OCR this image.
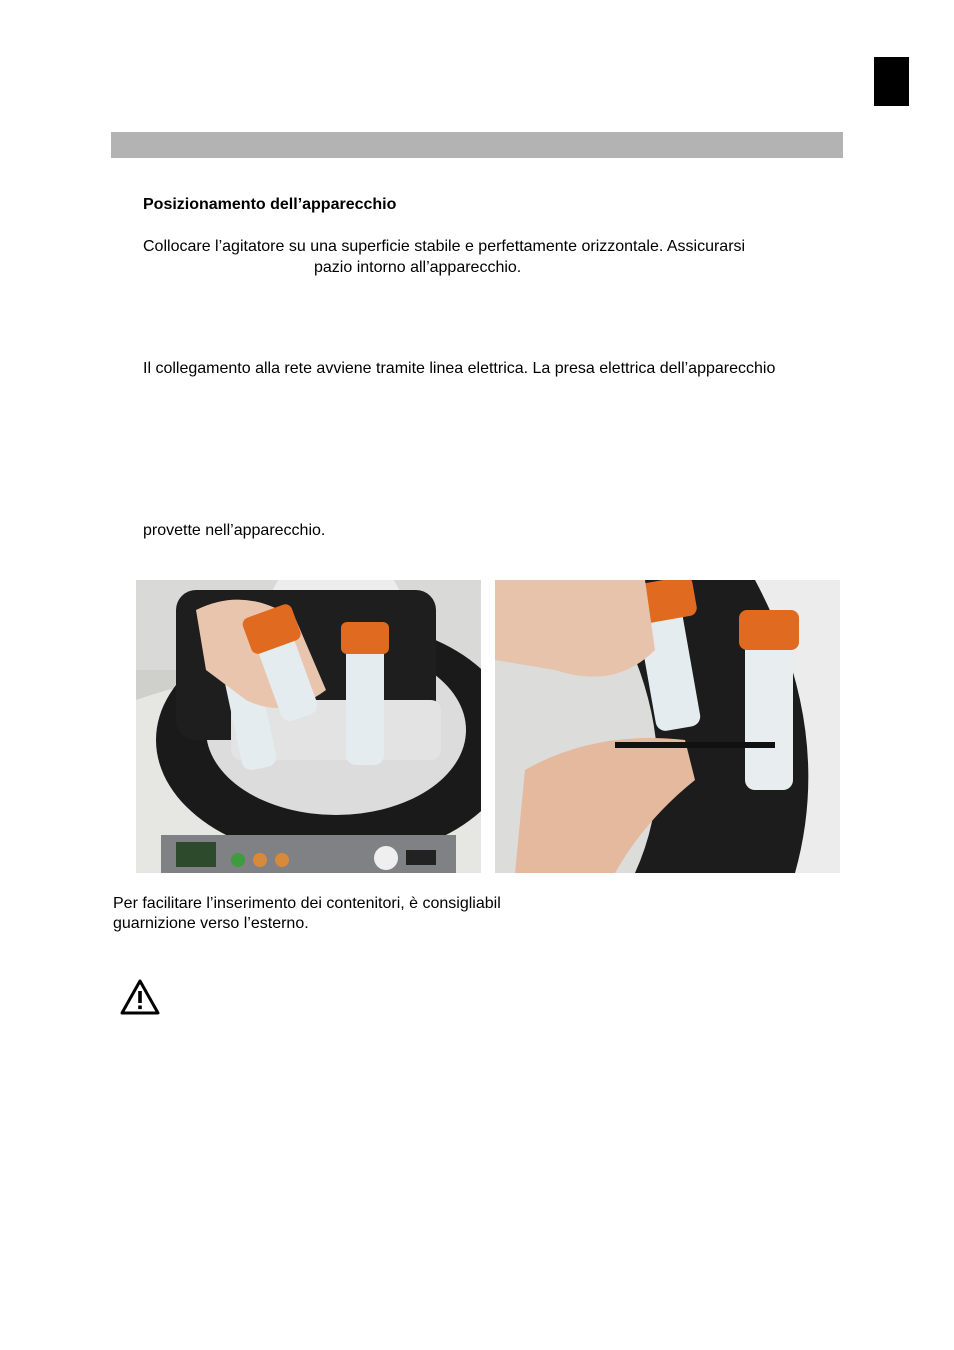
Posizionamento dell’apparecchio
Collocare l’agitatore su una superficie stabile e perfettamente orizzontale. Assicurarsi
pazio intorno all’apparecchio.
Il collegamento alla rete avviene tramite linea elettrica. La presa elettrica dell’apparecchio
provette nell’apparecchio.
Per facilitare l’inserimento dei contenitori, è consigliabil
guarnizione verso l’esterno.
